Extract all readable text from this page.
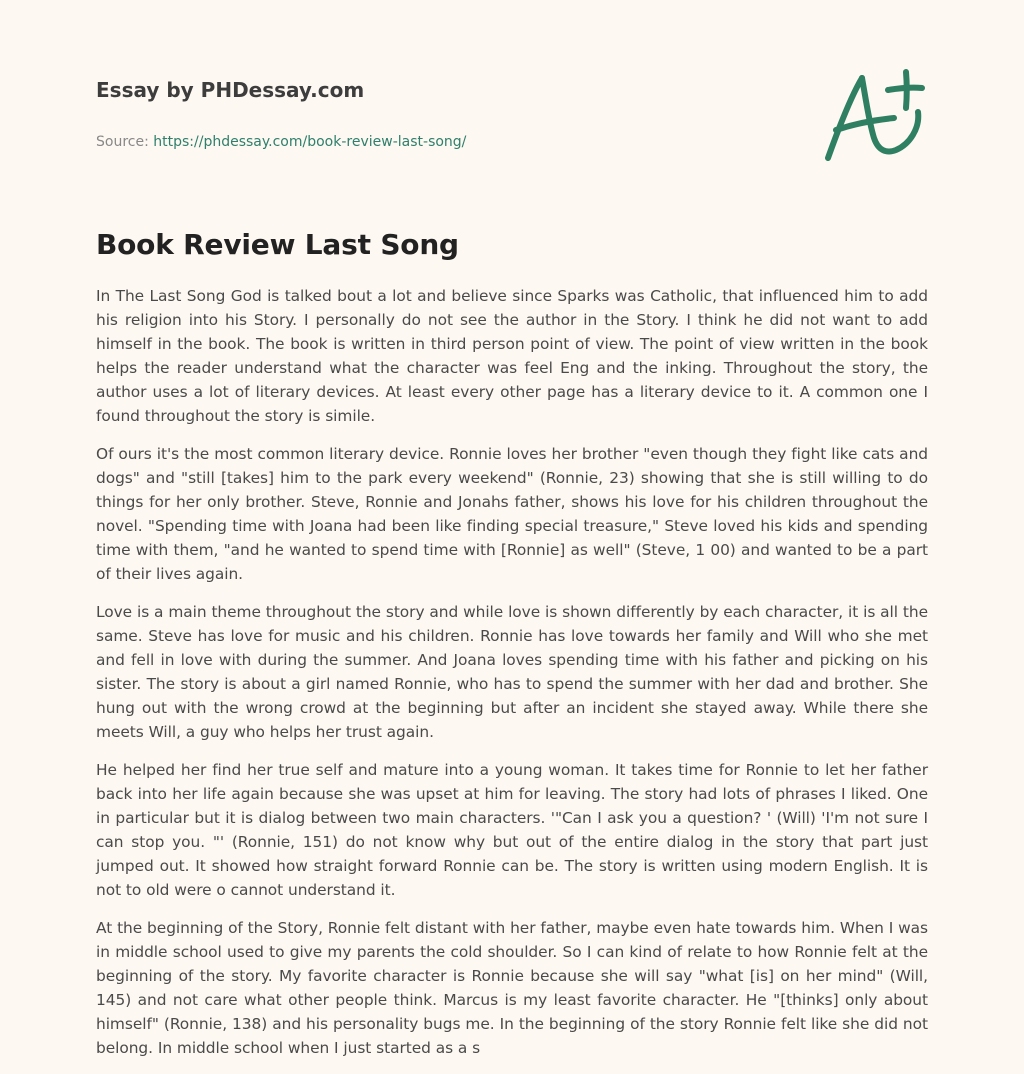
Essay by PHDessay.com
Source: https://phdessay.com/book-review-last-song/
Book Review Last Song

In The Last Song God is talked bout a lot and believe since Sparks was Catholic, that influenced him to add his religion into his Story. I personally do not see the author in the Story. I think he did not want to add himself in the book. The book is written in third person point of view. The point of view written in the book helps the reader understand what the character was feel Eng and the inking. Throughout the story, the author uses a lot of literary devices. At least every other page has a literary device to it. A common one I found throughout the story is simile.

Of ours it's the most common literary device. Ronnie loves her brother "even though they fight like cats and dogs" and "still [takes] him to the park every weekend" (Ronnie, 23) showing that she is still willing to do things for her only brother. Steve, Ronnie and Jonahs father, shows his love for his children throughout the novel. "Spending time with Joana had been like finding special treasure," Steve loved his kids and spending time with them, "and he wanted to spend time with [Ronnie] as well" (Steve, 1 00) and wanted to be a part of their lives again.

Love is a main theme throughout the story and while love is shown differently by each character, it is all the same. Steve has love for music and his children. Ronnie has love towards her family and Will who she met and fell in love with during the summer. And Joana loves spending time with his father and picking on his sister. The story is about a girl named Ronnie, who has to spend the summer with her dad and brother. She hung out with the wrong crowd at the beginning but after an incident she stayed away. While there she meets Will, a guy who helps her trust again.

He helped her find her true self and mature into a young woman. It takes time for Ronnie to let her father back into her life again because she was upset at him for leaving. The story had lots of phrases I liked. One in particular but it is dialog between two main characters. '"Can I ask you a question? ' (Will) 'I'm not sure I can stop you. "' (Ronnie, 151) do not know why but out of the entire dialog in the story that part just jumped out. It showed how straight forward Ronnie can be. The story is written using modern English. It is not to old were o cannot understand it.

At the beginning of the Story, Ronnie felt distant with her father, maybe even hate towards him. When I was in middle school used to give my parents the cold shoulder. So I can kind of relate to how Ronnie felt at the beginning of the story. My favorite character is Ronnie because she will say "what [is] on her mind" (Will, 145) and not care what other people think. Marcus is my least favorite character. He "[thinks] only about himself" (Ronnie, 138) and his personality bugs me. In the beginning of the story Ronnie felt like she did not belong. In middle school when I just started as a s
